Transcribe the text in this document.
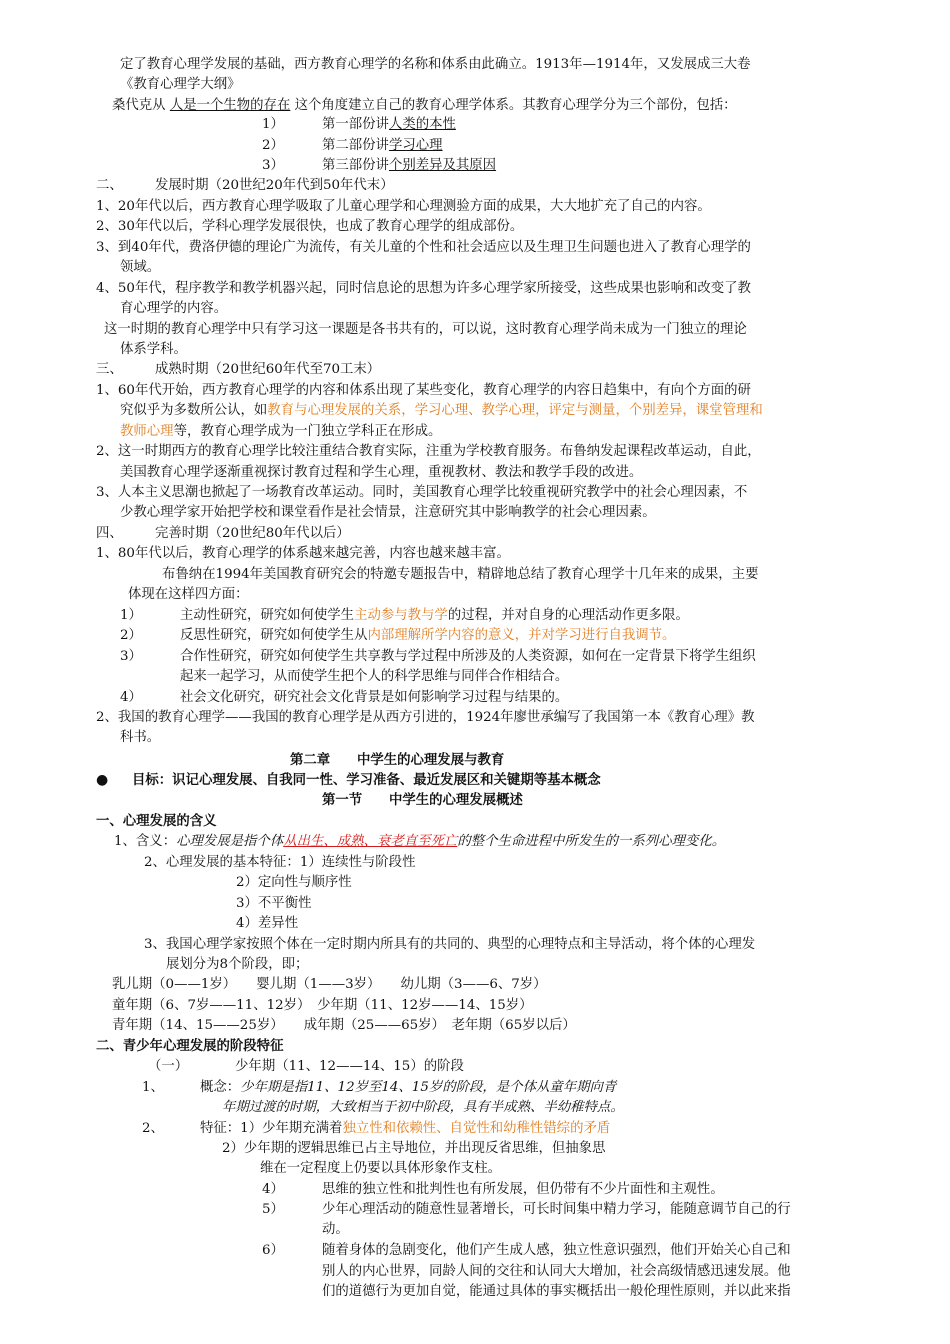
定了教育心理学发展的基础，西方教育心理学的名称和体系由此确立。1913年—1914年，又发展成三大卷
《教育心理学大纲》
桑代克从 人是一个生物的存在 这个角度建立自己的教育心理学体系。其教育心理学分为三个部份，包括：
1）	第一部份讲人类的本性
2）	第二部份讲学习心理
3）	第三部份讲个别差异及其原因
二、 发展时期（20世纪20年代到50年代末）
1、20年代以后，西方教育心理学吸取了儿童心理学和心理测验方面的成果，大大地扩充了自己的内容。
2、30年代以后，学科心理学发展很快，也成了教育心理学的组成部份。
3、到40年代，费洛伊德的理论广为流传，有关儿童的个性和社会适应以及生理卫生问题也进入了教育心理学的
领域。
4、50年代，程序教学和教学机器兴起，同时信息论的思想为许多心理学家所接受，这些成果也影响和改变了教
育心理学的内容。
这一时期的教育心理学中只有学习这一课题是各书共有的，可以说，这时教育心理学尚未成为一门独立的理论
体系学科。
三、 成熟时期（20世纪60年代至70工末）
1、60年代开始，西方教育心理学的内容和体系出现了某些变化，教育心理学的内容日趋集中，有向个方面的研
究似乎为多数所公认，如教育与心理发展的关系，学习心理、教学心理，评定与测量，个别差异，课堂管理和
教师心理等，教育心理学成为一门独立学科正在形成。
2、这一时期西方的教育心理学比较注重结合教育实际，注重为学校教育服务。布鲁纳发起课程改革运动，自此，
美国教育心理学逐渐重视探讨教育过程和学生心理，重视教材、教法和教学手段的改进。
3、人本主义思潮也掀起了一场教育改革运动。同时，美国教育心理学比较重视研究教学中的社会心理因素，不
少教心理学家开始把学校和课堂看作是社会情景，注意研究其中影响教学的社会心理因素。
四、 完善时期（20世纪80年代以后）
1、80年代以后，教育心理学的体系越来越完善，内容也越来越丰富。
布鲁纳在1994年美国教育研究会的特邀专题报告中，精辟地总结了教育心理学十几年来的成果，主要
体现在这样四方面：
1）	主动性研究，研究如何使学生主动参与教与学的过程，并对自身的心理活动作更多限。
2）	反思性研究，研究如何使学生从内部理解所学内容的意义，并对学习进行自我调节。
3）	合作性研究，研究如何使学生共享教与学过程中所涉及的人类资源，如何在一定背景下将学生组织
起来一起学习，从而使学生把个人的科学思维与同伴合作相结合。
4）	社会文化研究，研究社会文化背景是如何影响学习过程与结果的。
2、我国的教育心理学——我国的教育心理学是从西方引进的，1924年廖世承编写了我国第一本《教育心理》教
科书。
第二章　　中学生的心理发展与教育
● 目标：识记心理发展、自我同一性、学习准备、最近发展区和关键期等基本概念
第一节　　中学生的心理发展概述
一、心理发展的含义
1、含义：心理发展是指个体从出生、成熟、衰老直至死亡的整个生命进程中所发生的一系列心理变化。
2、心理发展的基本特征：1）连续性与阶段性
2）定向性与顺序性
3）不平衡性
4）差异性
3、我国心理学家按照个体在一定时期内所具有的共同的、典型的心理特点和主导活动，将个体的心理发
展划分为8个阶段，即；
乳儿期（0——1岁）　　婴儿期（1——3岁）　　幼儿期（3——6、7岁）
童年期（6、7岁——11、12岁）　少年期（11、12岁——14、15岁）
青年期（14、15——25岁）　　成年期（25——65岁）　老年期（65岁以后）
二、青少年心理发展的阶段特征
（一）　　　　少年期（11、12——14、15）的阶段
1、	概念：少年期是指11、12岁至14、15岁的阶段，是个体从童年期向青
年期过渡的时期，大致相当于初中阶段，具有半成熟、半幼稚特点。
2、	特征：1）少年期充满着独立性和依赖性、自觉性和幼稚性错综的矛盾
2）少年期的逻辑思维已占主导地位，并出现反省思维，但抽象思
维在一定程度上仍要以具体形象作支柱。
4）	思维的独立性和批判性也有所发展，但仍带有不少片面性和主观性。
5）	少年心理活动的随意性显著增长，可长时间集中精力学习，能随意调节自己的行
动。
6）	随着身体的急剧变化，他们产生成人感，独立性意识强烈，他们开始关心自己和
别人的内心世界，同龄人间的交往和认同大大增加，社会高级情感迅速发展。他
们的道德行为更加自觉，能通过具体的事实概括出一般伦理性原则，并以此来指
